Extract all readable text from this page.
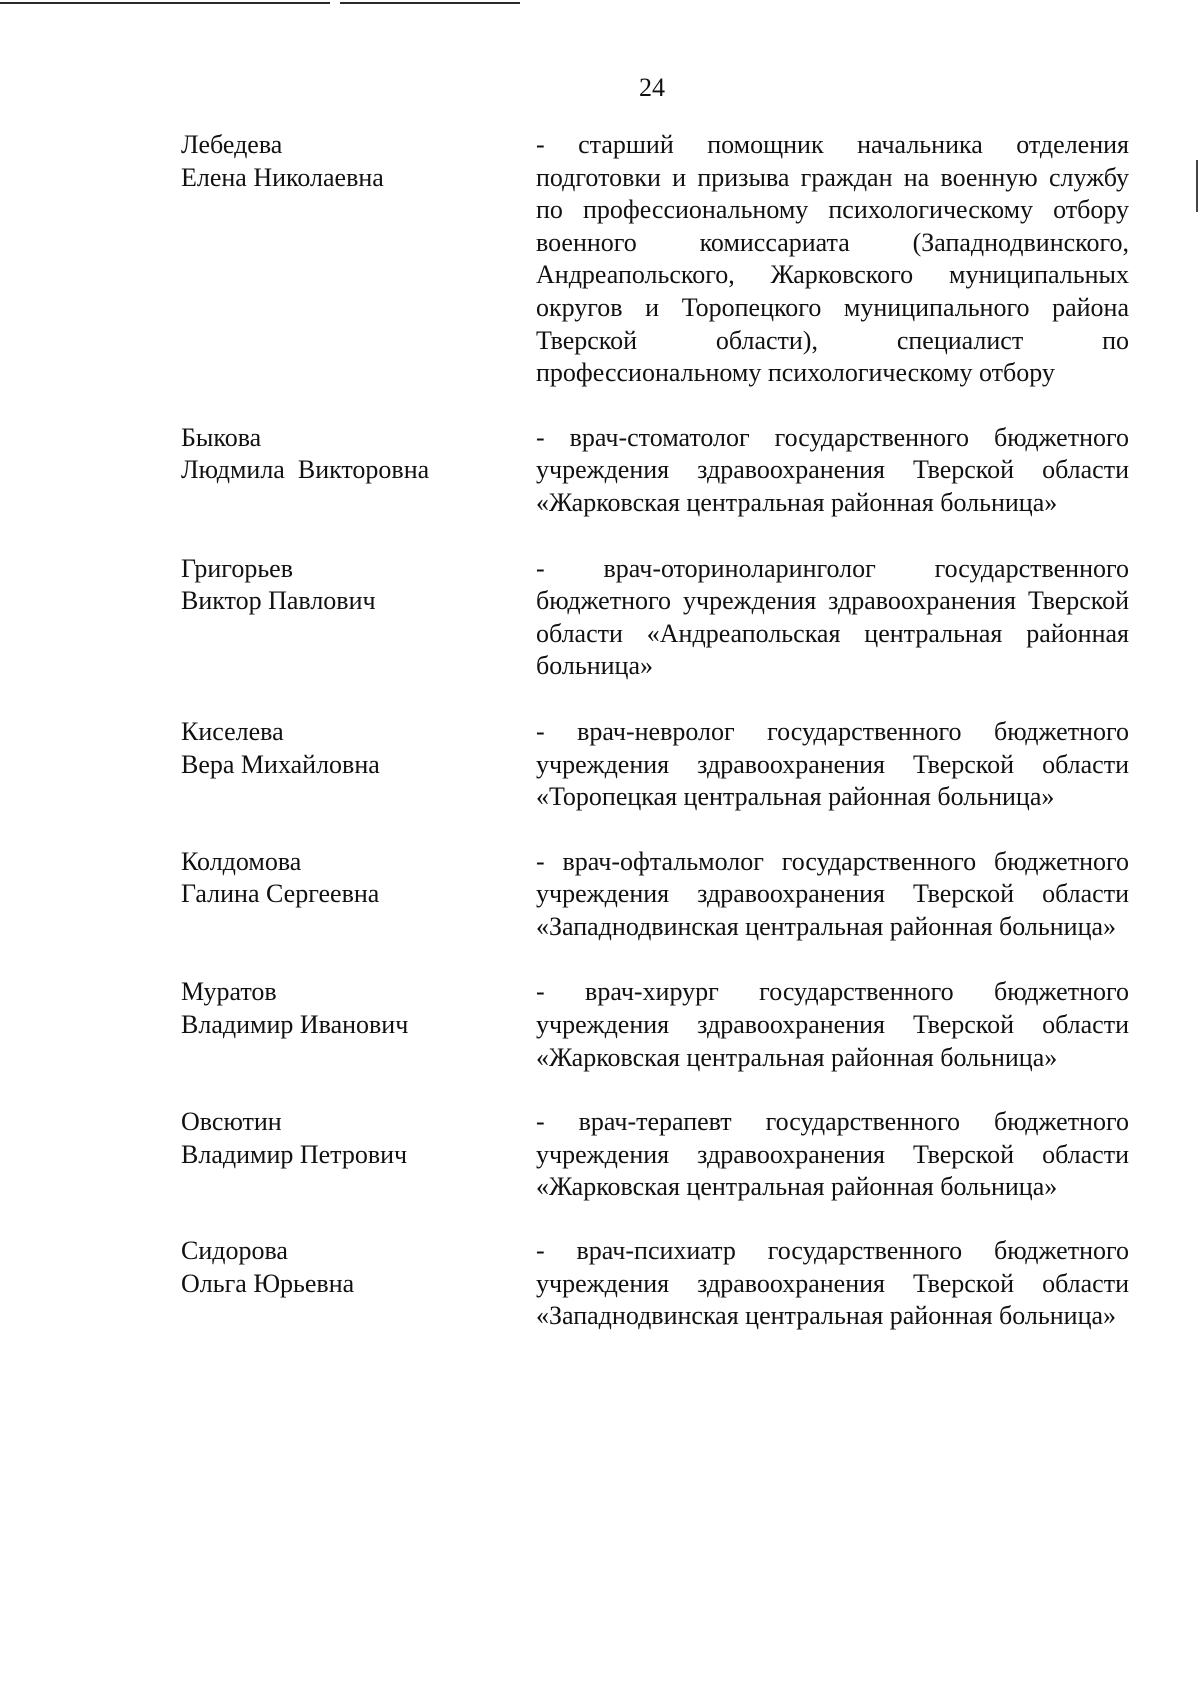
24
Лебедева
Елена Николаевна
- старший помощник начальника отделения подготовки и призыва граждан на военную службу по профессиональному психологическому отбору военного комиссариата (Западнодвинского, Андреапольского, Жарковского муниципальных округов и Торопецкого муниципального района Тверской области), специалист по профессиональному психологическому отбору
Быкова
Людмила  Викторовна
- врач-стоматолог государственного бюджетного учреждения здравоохранения Тверской области «Жарковская центральная районная больница»
Григорьев
Виктор Павлович
- врач-оториноларинголог государственного бюджетного учреждения здравоохранения Тверской области «Андреапольская центральная районная больница»
Киселева
Вера Михайловна
- врач-невролог государственного бюджетного учреждения здравоохранения Тверской области «Торопецкая центральная районная больница»
Колдомова
Галина Сергеевна
- врач-офтальмолог государственного бюджетного учреждения здравоохранения Тверской области «Западнодвинская центральная районная больница»
Муратов
Владимир Иванович
- врач-хирург государственного бюджетного учреждения здравоохранения Тверской области «Жарковская центральная районная больница»
Овсютин
Владимир Петрович
- врач-терапевт государственного бюджетного учреждения здравоохранения Тверской области «Жарковская центральная районная больница»
Сидорова
Ольга Юрьевна
- врач-психиатр государственного бюджетного учреждения здравоохранения Тверской области «Западнодвинская центральная районная больница»
